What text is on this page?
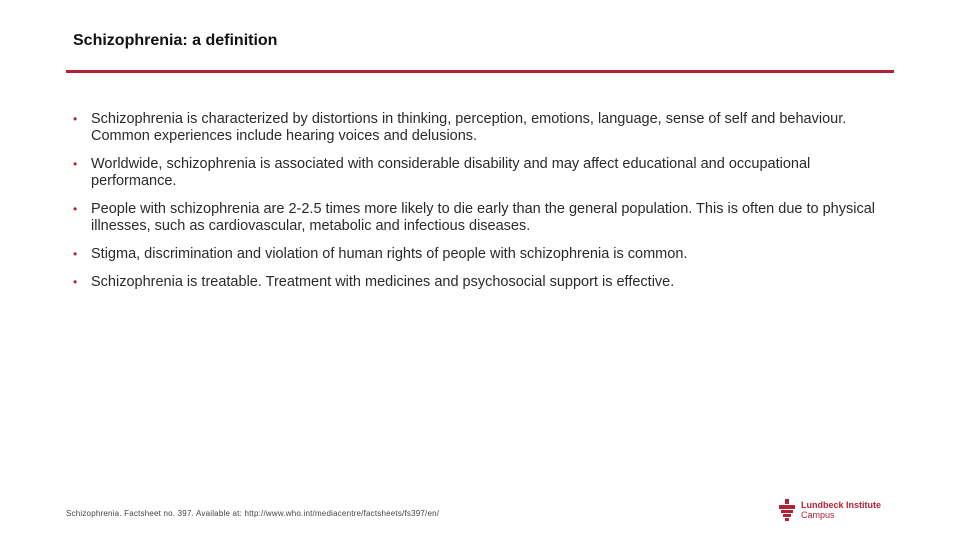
Schizophrenia: a definition
• Schizophrenia is characterized by distortions in thinking, perception, emotions, language, sense of self and behaviour. Common experiences include hearing voices and delusions.
• Worldwide, schizophrenia is associated with considerable disability and may affect educational and occupational performance.
• People with schizophrenia are 2-2.5 times more likely to die early than the general population. This is often due to physical illnesses, such as cardiovascular, metabolic and infectious diseases.
• Stigma, discrimination and violation of human rights of people with schizophrenia is common.
• Schizophrenia is treatable. Treatment with medicines and psychosocial support is effective.
Schizophrenia. Factsheet no. 397. Available at: http://www.who.int/mediacentre/factsheets/fs397/en/
Lundbeck Institute
Campus
